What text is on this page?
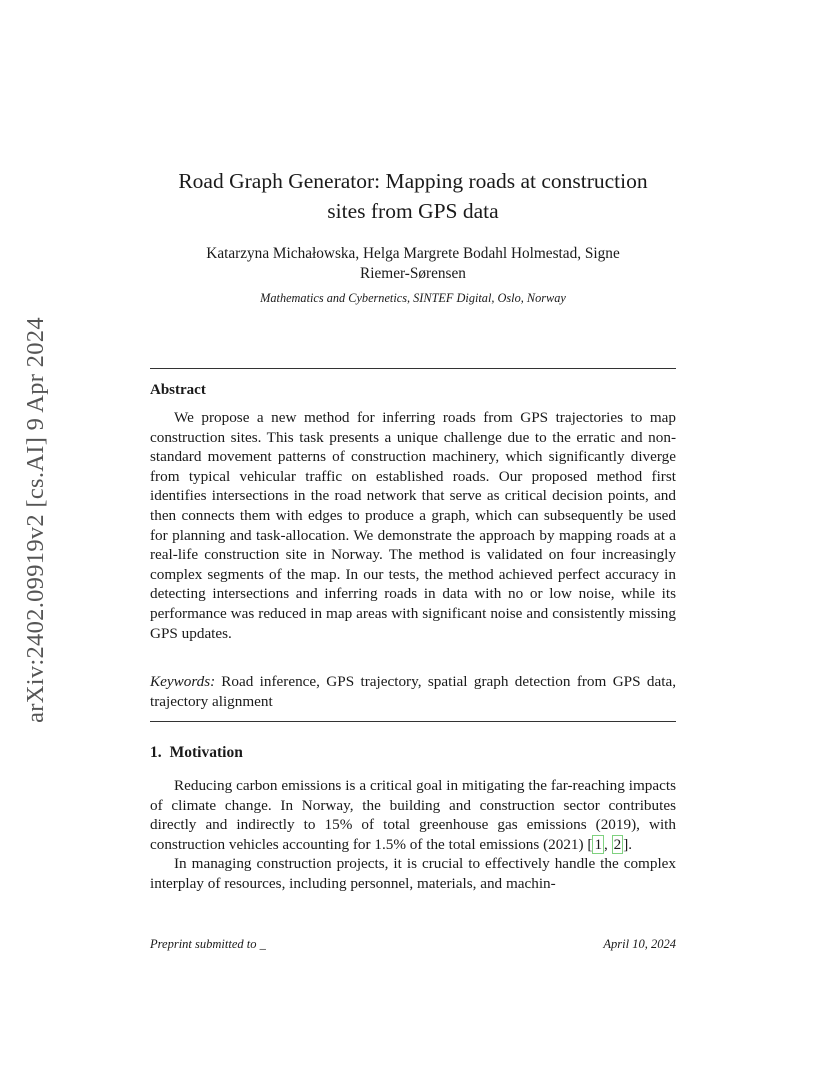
arXiv:2402.09919v2 [cs.AI] 9 Apr 2024
Road Graph Generator: Mapping roads at construction
sites from GPS data
Katarzyna Michałowska, Helga Margrete Bodahl Holmestad, Signe
Riemer-Sørensen
Mathematics and Cybernetics, SINTEF Digital, Oslo, Norway
Abstract

We propose a new method for inferring roads from GPS trajectories to map construction sites. This task presents a unique challenge due to the erratic and non-standard movement patterns of construction machinery, which significantly diverge from typical vehicular traffic on established roads. Our proposed method first identifies intersections in the road network that serve as critical decision points, and then connects them with edges to produce a graph, which can subsequently be used for planning and task-allocation. We demonstrate the approach by mapping roads at a real-life construction site in Norway. The method is validated on four increasingly complex segments of the map. In our tests, the method achieved perfect accuracy in detecting intersections and inferring roads in data with no or low noise, while its performance was reduced in map areas with significant noise and consistently missing GPS updates.

Keywords: Road inference, GPS trajectory, spatial graph detection from GPS data, trajectory alignment

1. Motivation

Reducing carbon emissions is a critical goal in mitigating the far-reaching impacts of climate change. In Norway, the building and construction sector contributes directly and indirectly to 15% of total greenhouse gas emissions (2019), with construction vehicles accounting for 1.5% of the total emissions (2021) [ 1 , 2 ].

In managing construction projects, it is crucial to effectively handle the complex interplay of resources, including personnel, materials, and machin-

Preprint submitted to _	April 10, 2024
